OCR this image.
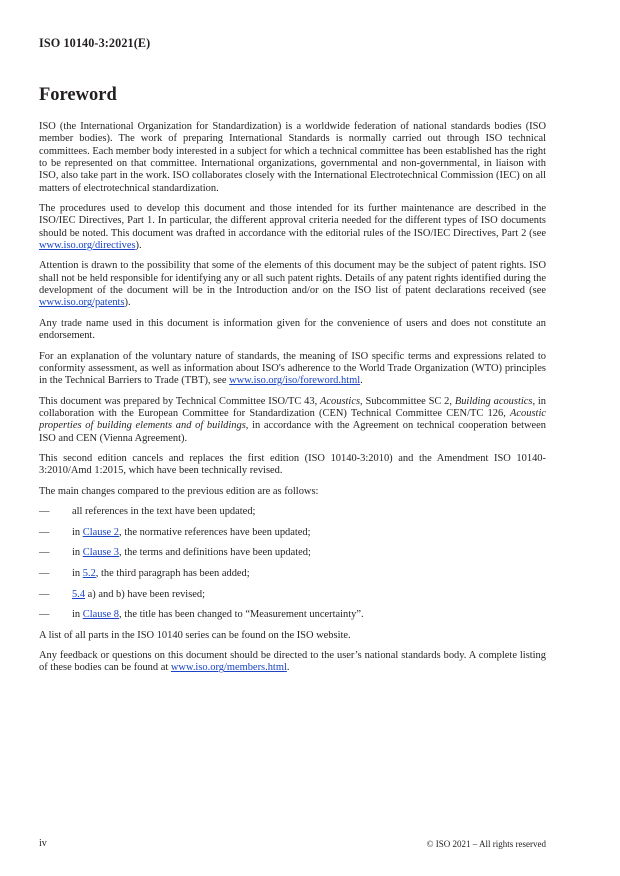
ISO 10140-3:2021(E)
Foreword

ISO (the International Organization for Standardization) is a worldwide federation of national standards bodies (ISO member bodies). The work of preparing International Standards is normally carried out through ISO technical committees. Each member body interested in a subject for which a technical committee has been established has the right to be represented on that committee. International organizations, governmental and non-governmental, in liaison with ISO, also take part in the work. ISO collaborates closely with the International Electrotechnical Commission (IEC) on all matters of electrotechnical standardization.

The procedures used to develop this document and those intended for its further maintenance are described in the ISO/IEC Directives, Part 1. In particular, the different approval criteria needed for the different types of ISO documents should be noted. This document was drafted in accordance with the editorial rules of the ISO/IEC Directives, Part 2 (see www.iso.org/directives).

Attention is drawn to the possibility that some of the elements of this document may be the subject of patent rights. ISO shall not be held responsible for identifying any or all such patent rights. Details of any patent rights identified during the development of the document will be in the Introduction and/or on the ISO list of patent declarations received (see www.iso.org/patents).

Any trade name used in this document is information given for the convenience of users and does not constitute an endorsement.

For an explanation of the voluntary nature of standards, the meaning of ISO specific terms and expressions related to conformity assessment, as well as information about ISO's adherence to the World Trade Organization (WTO) principles in the Technical Barriers to Trade (TBT), see www.iso.org/iso/foreword.html.

This document was prepared by Technical Committee ISO/TC 43, Acoustics, Subcommittee SC 2, Building acoustics, in collaboration with the European Committee for Standardization (CEN) Technical Committee CEN/TC 126, Acoustic properties of building elements and of buildings, in accordance with the Agreement on technical cooperation between ISO and CEN (Vienna Agreement).

This second edition cancels and replaces the first edition (ISO 10140-3:2010) and the Amendment ISO 10140-3:2010/Amd 1:2015, which have been technically revised.

The main changes compared to the previous edition are as follows:

— all references in the text have been updated;
— in Clause 2, the normative references have been updated;
— in Clause 3, the terms and definitions have been updated;
— in 5.2, the third paragraph has been added;
— 5.4 a) and b) have been revised;
— in Clause 8, the title has been changed to “Measurement uncertainty”.

A list of all parts in the ISO 10140 series can be found on the ISO website.

Any feedback or questions on this document should be directed to the user’s national standards body. A complete listing of these bodies can be found at www.iso.org/members.html.

iv	© ISO 2021 – All rights reserved
